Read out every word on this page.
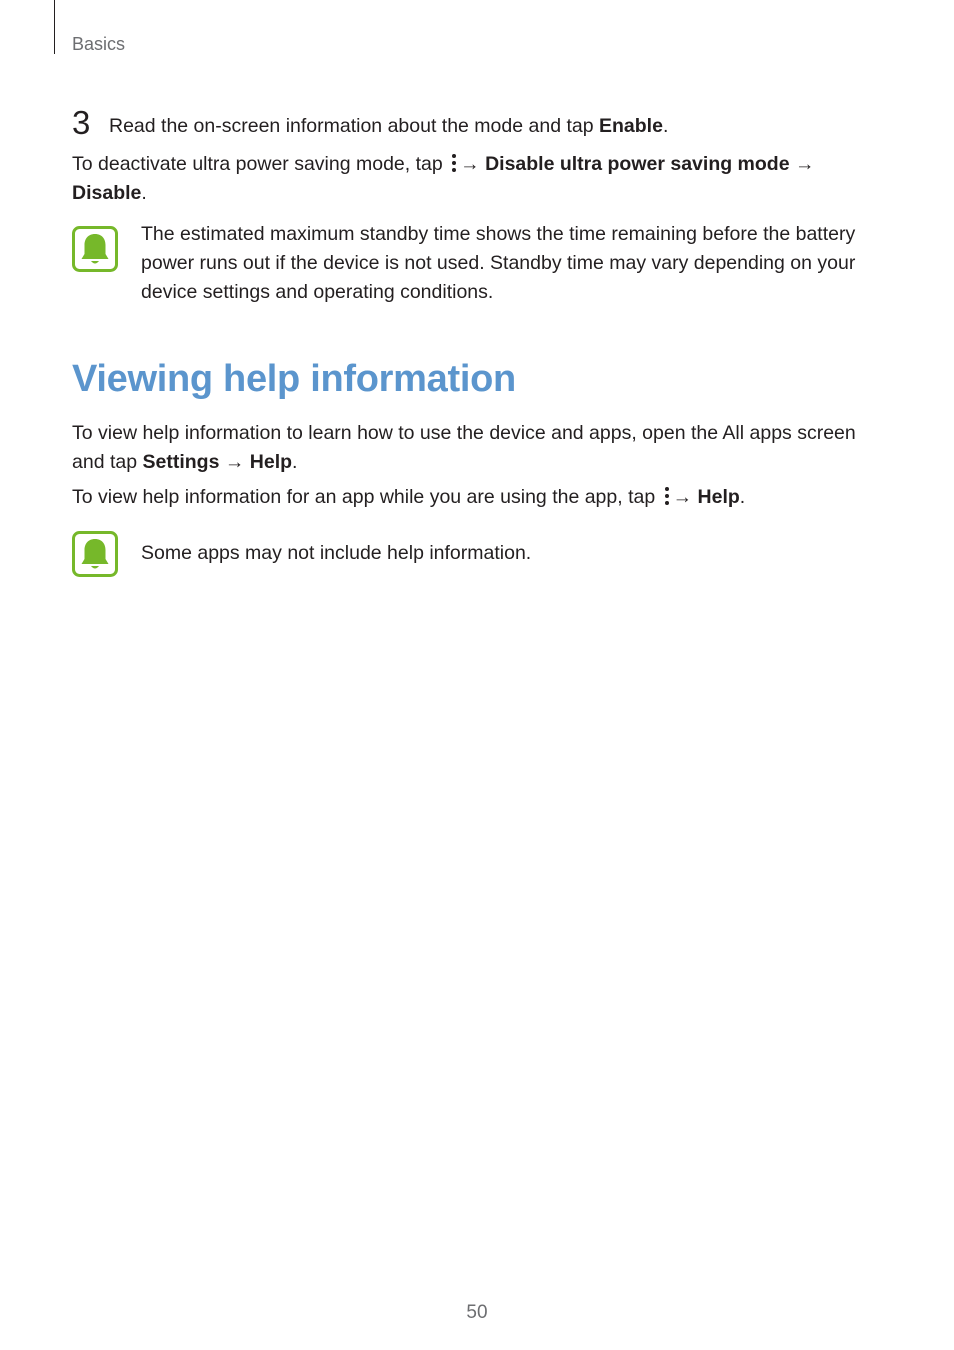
Basics
3 Read the on-screen information about the mode and tap Enable.
To deactivate ultra power saving mode, tap → Disable ultra power saving mode →
Disable.
The estimated maximum standby time shows the time remaining before the battery power runs out if the device is not used. Standby time may vary depending on your device settings and operating conditions.
Viewing help information
To view help information to learn how to use the device and apps, open the All apps screen and tap Settings → Help.
To view help information for an app while you are using the app, tap → Help.
Some apps may not include help information.
50
